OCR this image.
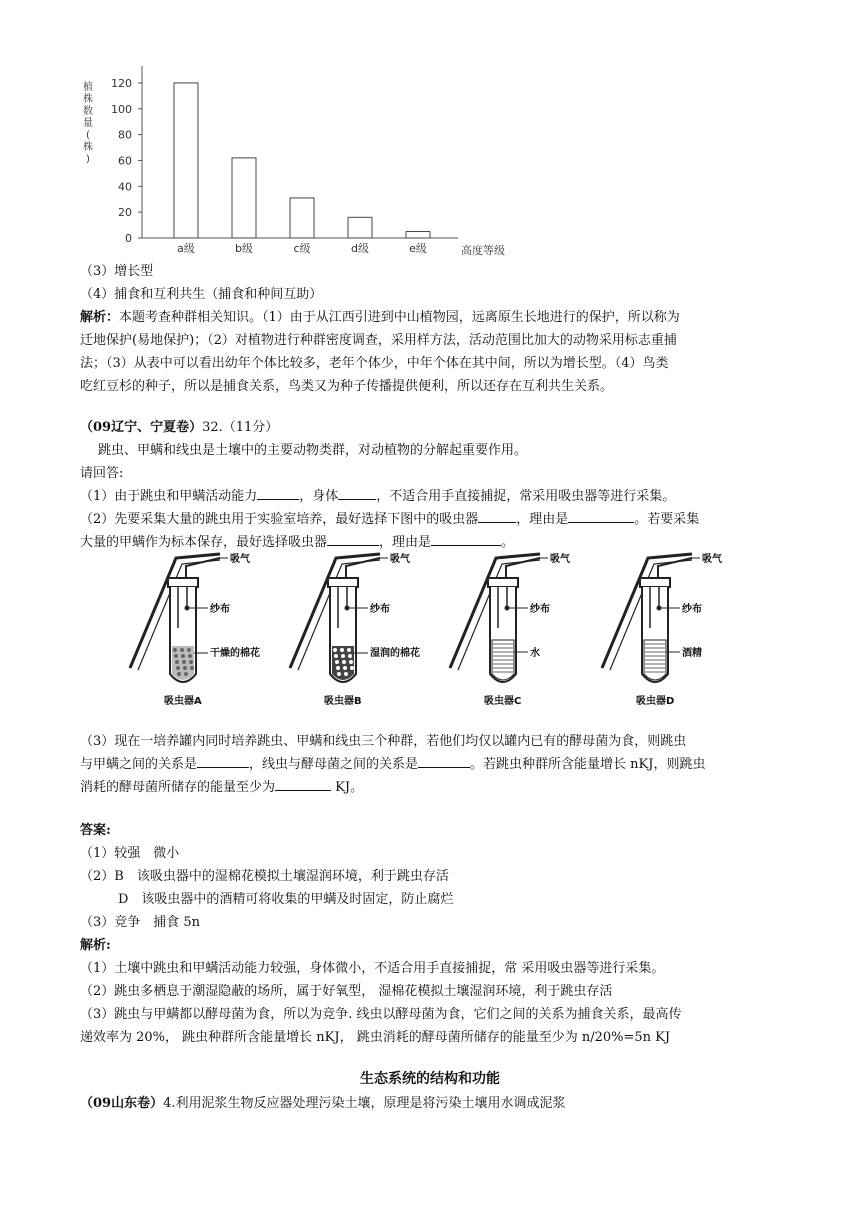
植株数量(株)
0
20
40
60
80
100
120
a级	b级	c级	d级	e级	高度等级
（3）增长型
（4）捕食和互利共生（捕食和种间互助）
解析：本题考查种群相关知识。（1）由于从江西引进到中山植物园，远离原生长地进行的保护，所以称为
迁地保护(易地保护)；（2）对植物进行种群密度调查，采用样方法，活动范围比加大的动物采用标志重捕
法；（3）从表中可以看出幼年个体比较多，老年个体少，中年个体在其中间，所以为增长型。（4）鸟类
吃红豆杉的种子，所以是捕食关系，鸟类又为种子传播提供便利，所以还存在互利共生关系。
（09辽宁、宁夏卷）32.（11分）
跳虫、甲螨和线虫是土壤中的主要动物类群，对动植物的分解起重要作用。
请回答:
（1）由于跳虫和甲螨活动能力	，身体	，不适合用手直接捕捉，常采用吸虫器等进行采集。
（2）先要采集大量的跳虫用于实验室培养，最好选择下图中的吸虫器	，理由是	。若要采集
大量的甲螨作为标本保存，最好选择吸虫器	，理由是	。
吸气
纱布
干燥的棉花
吸虫器A
吸气
纱布
湿润的棉花
吸虫器B
吸气
纱布
水
吸虫器C
吸气
纱布
酒精
吸虫器D
（3）现在一培养罐内同时培养跳虫、甲螨和线虫三个种群，若他们均仅以罐内已有的酵母菌为食，则跳虫
与甲螨之间的关系是	，线虫与酵母菌之间的关系是	。若跳虫种群所含能量增长 nKJ，则跳虫
消耗的酵母菌所储存的能量至少为	KJ。
答案:
（1）较强　微小
（2）B　该吸虫器中的湿棉花模拟土壤湿润环境，利于跳虫存活
D　该吸虫器中的酒精可将收集的甲螨及时固定，防止腐烂
（3）竞争　捕食 5n
解析:
（1）土壤中跳虫和甲螨活动能力较强，身体微小，不适合用手直接捕捉，常 采用吸虫器等进行采集。
（2）跳虫多栖息于潮湿隐蔽的场所，属于好氧型， 湿棉花模拟土壤湿润环境，利于跳虫存活
（3）跳虫与甲螨都以酵母菌为食，所以为竞争. 线虫以酵母菌为食，它们之间的关系为捕食关系，最高传
递效率为 20%， 跳虫种群所含能量增长 nKJ， 跳虫消耗的酵母菌所储存的能量至少为 n/20%=5n KJ
生态系统的结构和功能
（09山东卷）4.利用泥浆生物反应器处理污染土壤，原理是将污染土壤用水调成泥浆
